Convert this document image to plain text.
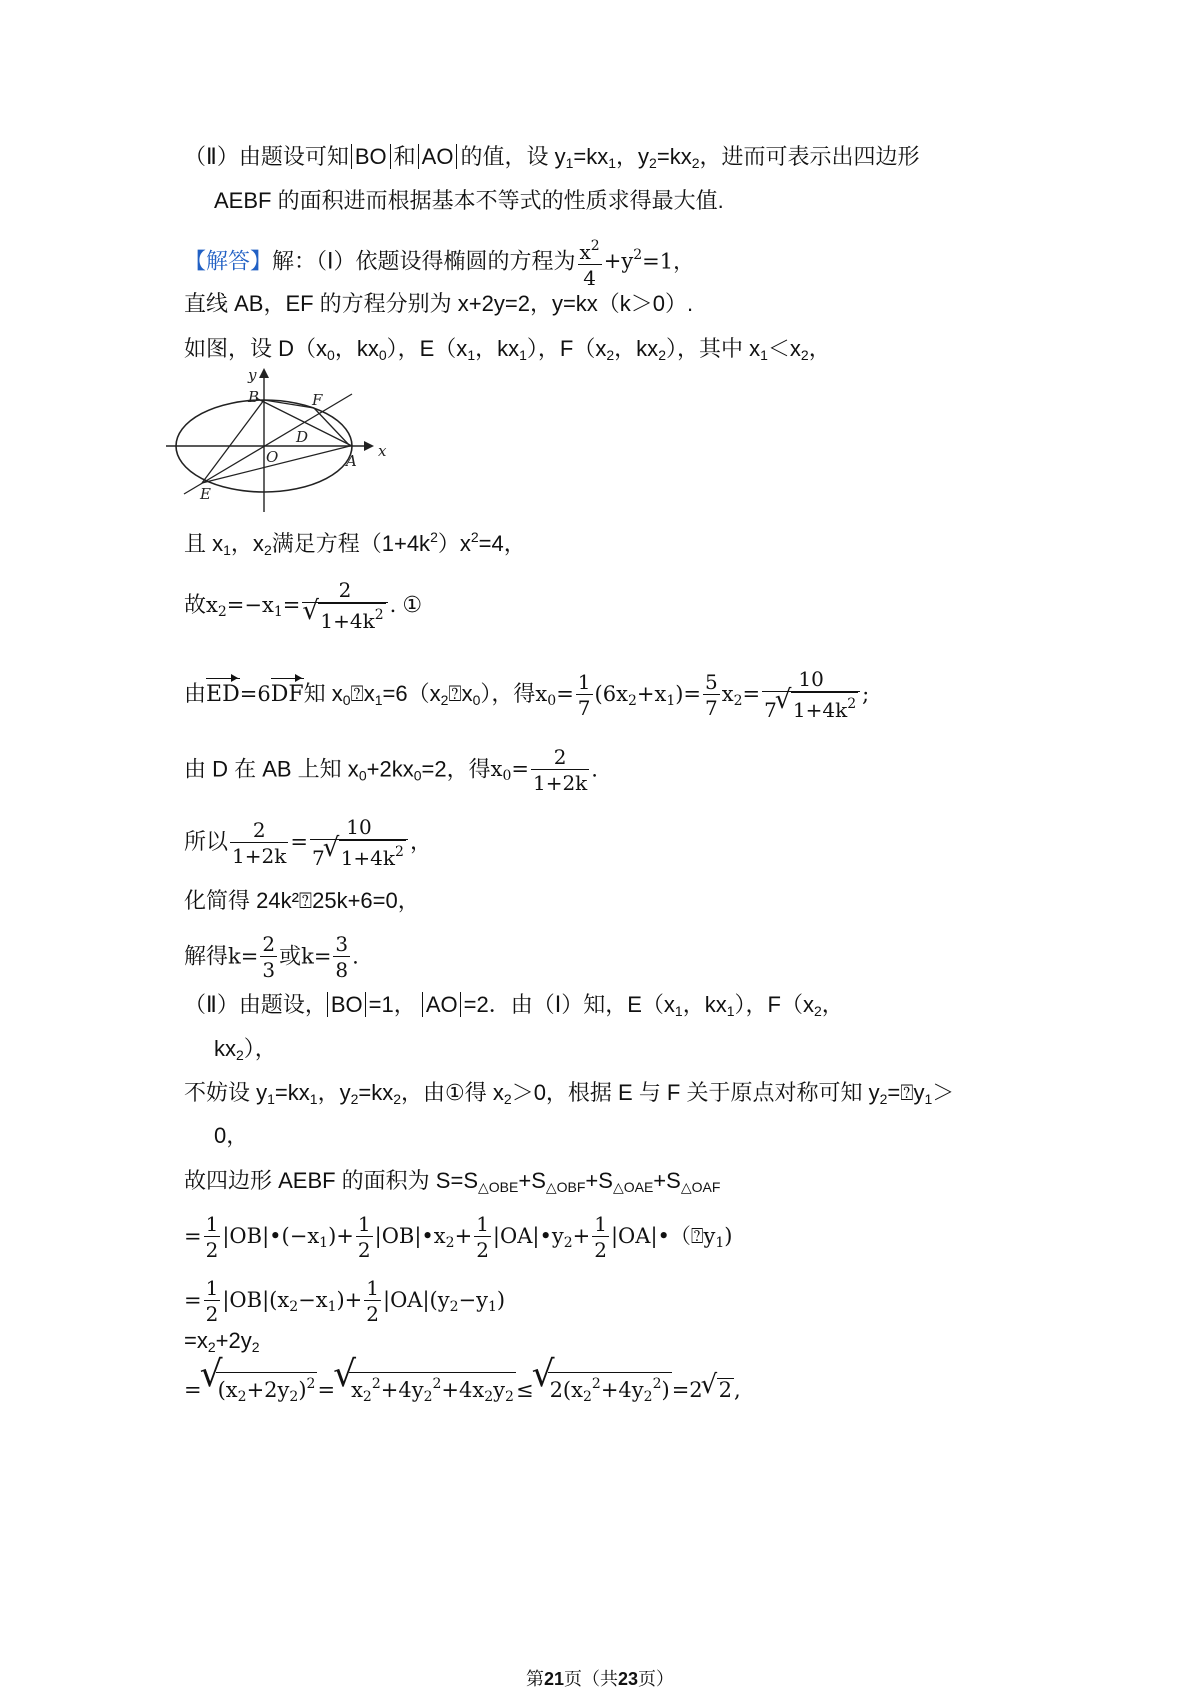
（Ⅱ）由题设可知 BO 和 AO 的值，设 $y_1=kx_1$，$y_2=kx_2$，进而可表示出四边形
AEBF 的面积进而根据基本不等式的性质求得最大值.
【解答】解：（Ⅰ）依题设得椭圆的方程为 $\frac{x^2}{4} +y^2=1$，
直线 AB，EF 的方程分别为 x+2y=2，y=kx（k＞0）.
如图，设 $D(x_0$，$kx_0$），$E(x_1$，$kx_1$），$F(x_2$，$kx_2$），其中 $x_1<x_2$，
y
x
B	F
D
O	A
E
且 $x_1$，$x_2$满足方程$(1+4k^2)x^2=4$，
故$x_2=-x_1= 2$
√ $1+4k^2$ . ①
由ED=6DF知 $x_0⍰x_1=6(x_2⍰x_0)$，得$x_0= \frac{1}{7} (6x_2+x_1)= \frac{5}{7} x_2= \frac{10}{7√ 1+4k^2}$ ;
由 D 在 AB 上知 $x_0+2kx_0=2$，得$x_0= \frac{2}{1+2k}$ .
所以 $\frac{2}{1+2k} = \frac{10}{7√ 1+4k^2}$ ，
化简得 24k²⍰25k+6=0，
解得$k= \frac{2}{3}$ 或$k= \frac{3}{8}$ .
（Ⅱ）由题设， BO =1， AO =2．由（Ⅰ）知，$E(x_1$，$kx_1$），$F(x_2$，
$kx_2$），
不妨设 $y_1=kx_1$，$y_2=kx_2$，由①得 $x_2>0$，根据 E 与 F 关于原点对称可知 $y_2=⍰y_1>$
0，
故四边形 AEBF 的面积为 $S=S_{\triangle OBE}+S_{\triangle OBF}+S_{\triangle OAE}+S_{\triangle OAF}$
= $\frac{1}{2}$ $|OB|•(-x_1)+ \frac{1}{2}$ $|OB|•x_2+ \frac{1}{2}$ $|OA|•y_2+ \frac{1}{2}$ $|OA|•(⍰y_1)$
= $\frac{1}{2} |OB|(x_2-x_1)+ \frac{1}{2} |OA|(y_2-y_1)$
$=x_2+2y_2$
=√ $(x_2+2y_2)^2=√$ $x_2^2+4y_2^2+4x_2y_2\le√$ $2(x_2^2+4y_2^2)=2√$ 2,
第21页（共23页）
